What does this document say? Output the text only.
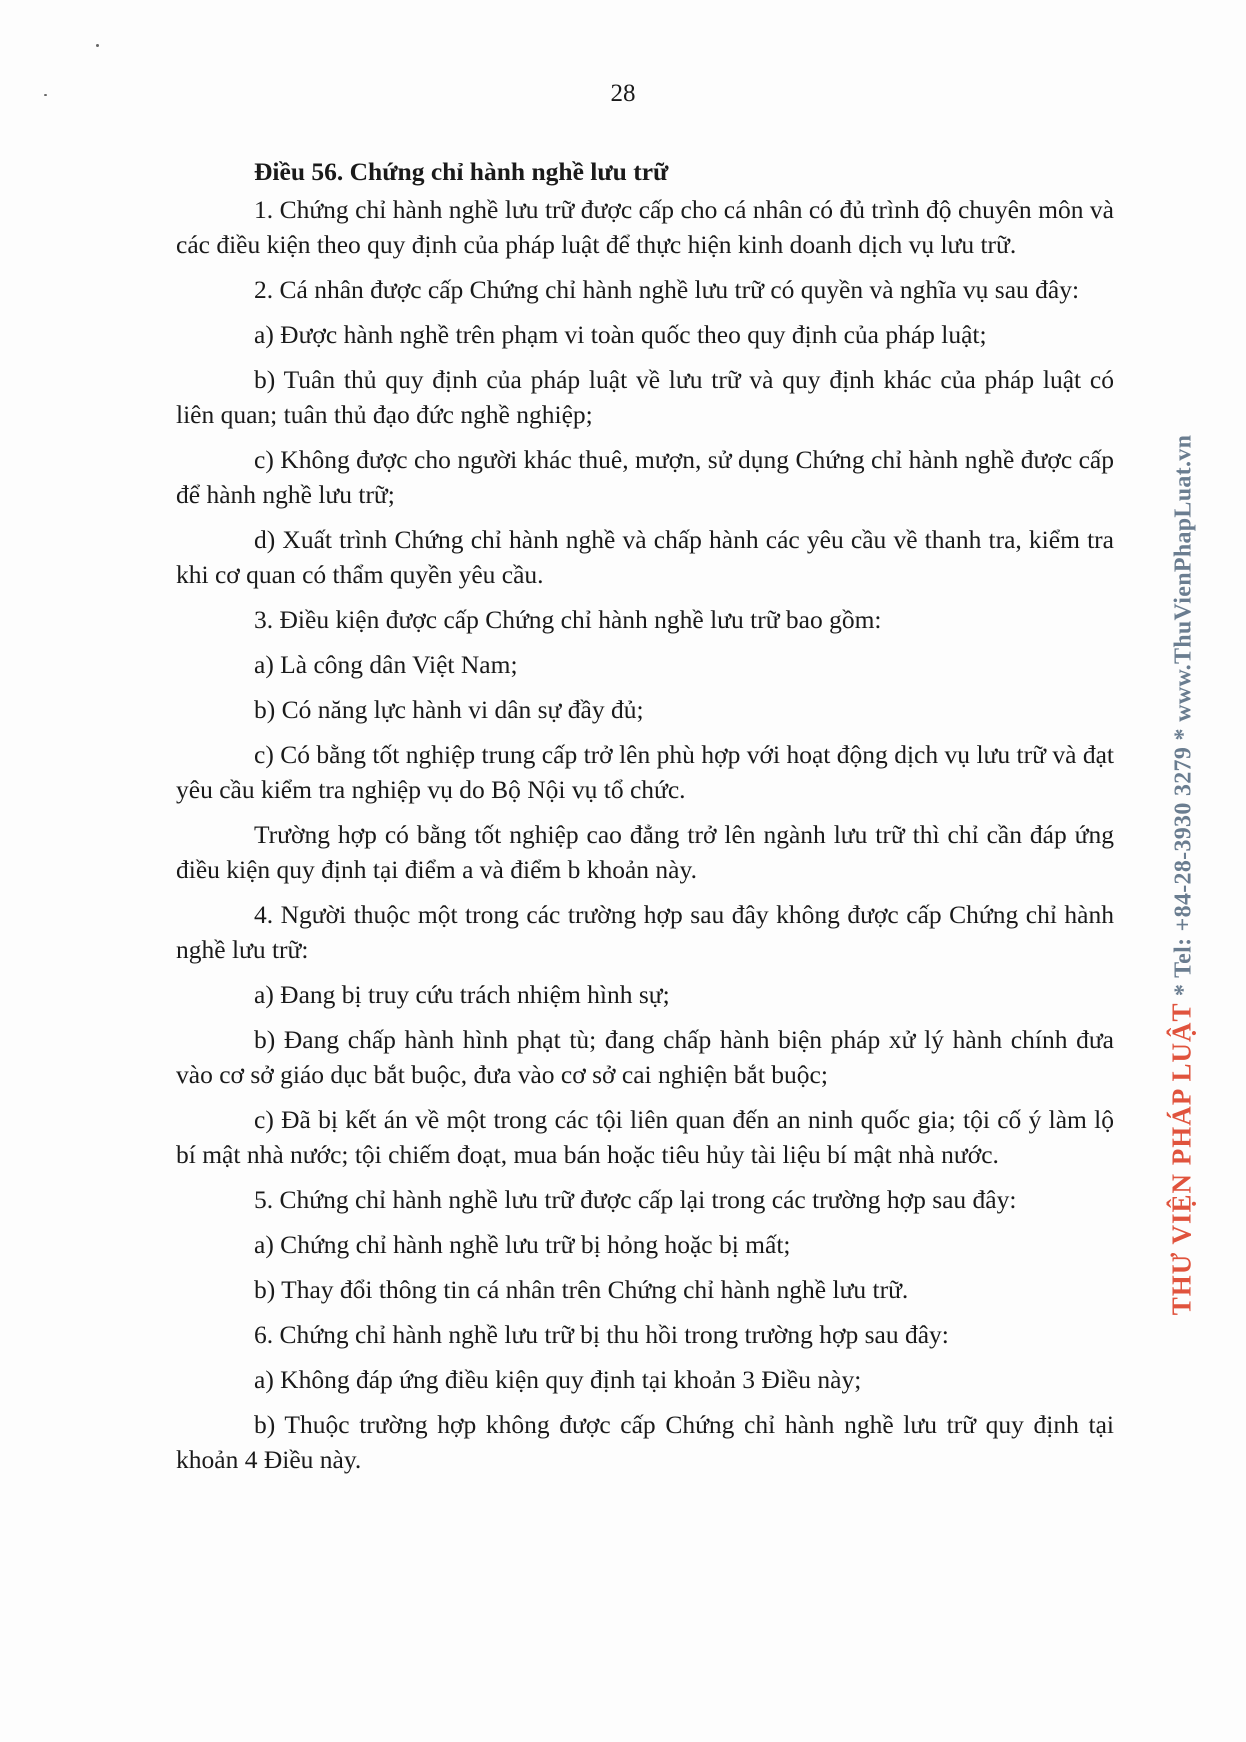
28
Điều 56. Chứng chỉ hành nghề lưu trữ

1. Chứng chỉ hành nghề lưu trữ được cấp cho cá nhân có đủ trình độ chuyên môn và các điều kiện theo quy định của pháp luật để thực hiện kinh doanh dịch vụ lưu trữ.

2. Cá nhân được cấp Chứng chỉ hành nghề lưu trữ có quyền và nghĩa vụ sau đây:

a) Được hành nghề trên phạm vi toàn quốc theo quy định của pháp luật;

b) Tuân thủ quy định của pháp luật về lưu trữ và quy định khác của pháp luật có liên quan; tuân thủ đạo đức nghề nghiệp;

c) Không được cho người khác thuê, mượn, sử dụng Chứng chỉ hành nghề được cấp để hành nghề lưu trữ;

d) Xuất trình Chứng chỉ hành nghề và chấp hành các yêu cầu về thanh tra, kiểm tra khi cơ quan có thẩm quyền yêu cầu.

3. Điều kiện được cấp Chứng chỉ hành nghề lưu trữ bao gồm:

a) Là công dân Việt Nam;

b) Có năng lực hành vi dân sự đầy đủ;

c) Có bằng tốt nghiệp trung cấp trở lên phù hợp với hoạt động dịch vụ lưu trữ và đạt yêu cầu kiểm tra nghiệp vụ do Bộ Nội vụ tổ chức.

Trường hợp có bằng tốt nghiệp cao đẳng trở lên ngành lưu trữ thì chỉ cần đáp ứng điều kiện quy định tại điểm a và điểm b khoản này.

4. Người thuộc một trong các trường hợp sau đây không được cấp Chứng chỉ hành nghề lưu trữ:

a) Đang bị truy cứu trách nhiệm hình sự;

b) Đang chấp hành hình phạt tù; đang chấp hành biện pháp xử lý hành chính đưa vào cơ sở giáo dục bắt buộc, đưa vào cơ sở cai nghiện bắt buộc;

c) Đã bị kết án về một trong các tội liên quan đến an ninh quốc gia; tội cố ý làm lộ bí mật nhà nước; tội chiếm đoạt, mua bán hoặc tiêu hủy tài liệu bí mật nhà nước.

5. Chứng chỉ hành nghề lưu trữ được cấp lại trong các trường hợp sau đây:

a) Chứng chỉ hành nghề lưu trữ bị hỏng hoặc bị mất;

b) Thay đổi thông tin cá nhân trên Chứng chỉ hành nghề lưu trữ.

6. Chứng chỉ hành nghề lưu trữ bị thu hồi trong trường hợp sau đây:

a) Không đáp ứng điều kiện quy định tại khoản 3 Điều này;

b) Thuộc trường hợp không được cấp Chứng chỉ hành nghề lưu trữ quy định tại khoản 4 Điều này.

THƯ VIỆN PHÁP LUẬT * Tel: +84-28-3930 3279 * www.ThuVienPhapLuat.vn
